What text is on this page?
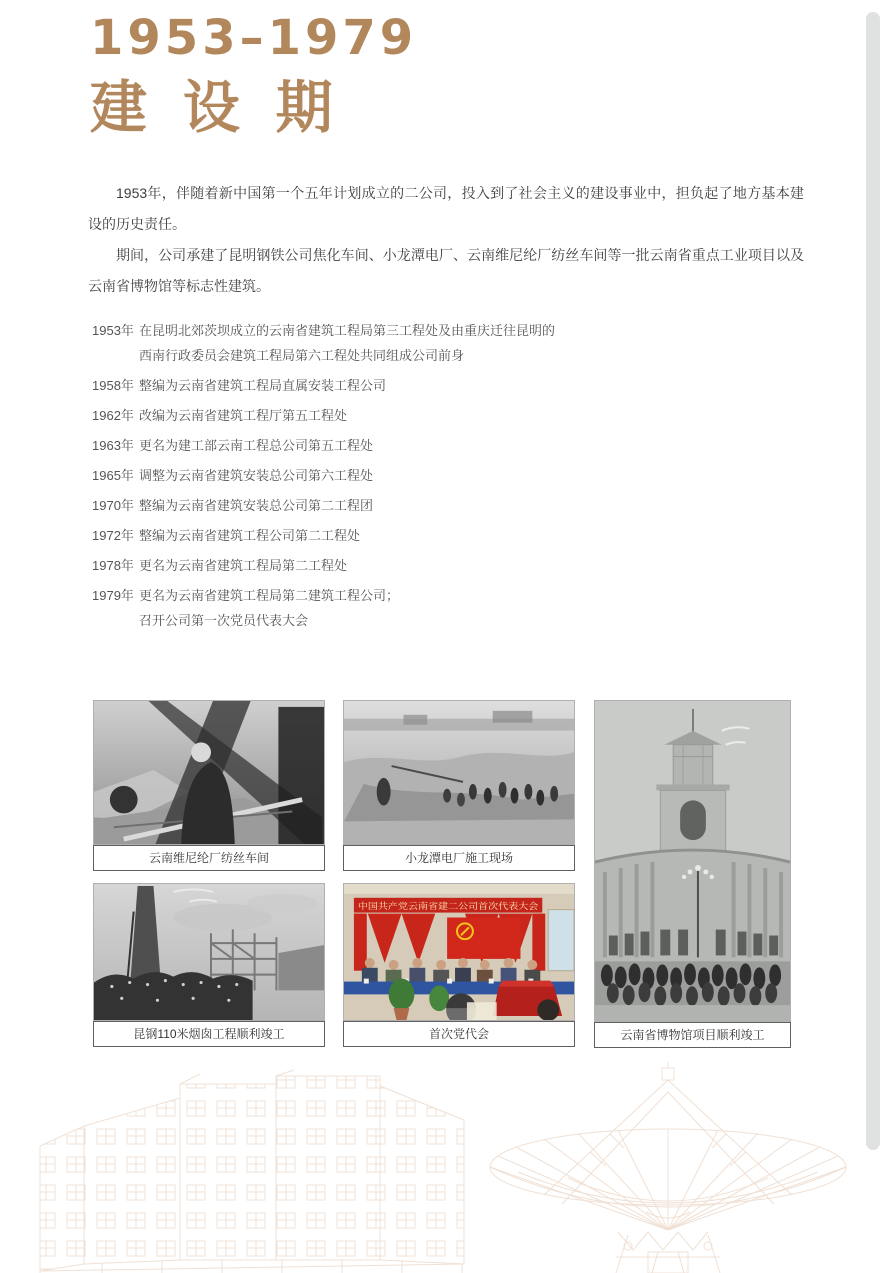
1953–1979
建 设 期

1953年，伴随着新中国第一个五年计划成立的二公司，投入到了社会主义的建设事业中，担负起了地方基本建设的历史责任。

期间，公司承建了昆明钢铁公司焦化车间、小龙潭电厂、云南维尼纶厂纺丝车间等一批云南省重点工业项目以及云南省博物馆等标志性建筑。

1953年 在昆明北郊茨坝成立的云南省建筑工程局第三工程处及由重庆迁往昆明的
西南行政委员会建筑工程局第六工程处共同组成公司前身
1958年 整编为云南省建筑工程局直属安装工程公司
1962年 改编为云南省建筑工程厅第五工程处
1963年 更名为建工部云南工程总公司第五工程处
1965年 调整为云南省建筑安装总公司第六工程处
1970年 整编为云南省建筑安装总公司第二工程团
1972年 整编为云南省建筑工程公司第二工程处
1978年 更名为云南省建筑工程局第二工程处
1979年 更名为云南省建筑工程局第二建筑工程公司；
召开公司第一次党员代表大会
云南维尼纶厂纺丝车间	小龙潭电厂施工现场
云南省博物馆项目顺利竣工
昆钢110米烟囱工程顺利竣工
中国共产党云南省建二公司首次代表大会
首次党代会
